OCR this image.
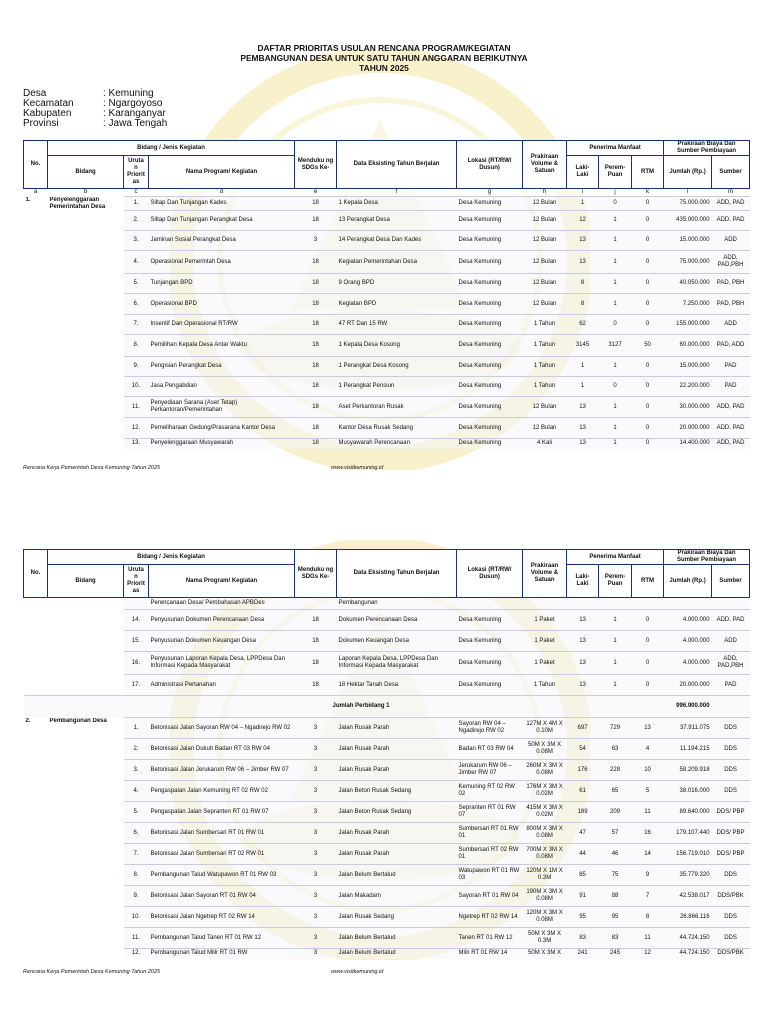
DAFTAR PRIORITAS USULAN RENCANA PROGRAM/KEGIATAN
PEMBANGUNAN DESA UNTUK SATU TAHUN ANGGARAN BERIKUTNYA
TAHUN 2025
Desa	: Kemuning
Kecamatan	: Ngargoyoso
Kabupaten	: Karanganyar
Provinsi	: Jawa Tengah
No.	Bidang / Jenis Kegiatan			Menduku ng SDGs Ke-	Data Eksisting Tahun Berjalan	Lokasi (RT/RW/ Dusun)	Prakiraan Volume & Satuan	Penerima Manfaat			Prakiraan Biaya Dan Sumber Pembiayaan	
	Bidang	Uruta n Priorit as	Nama Program/ Kegiatan					Laki- Laki	Perem- Puan	RTM	Jumlah (Rp.)	Sumber
a	b	c	d	e	f	g	h	i	j	k	l	m
1.	Penyelenggaraan Pemerintahan Desa	1.	Siltap Dan Tunjangan Kades	18	1 Kepala Desa	Desa Kemuning	12 Bulan	1	0	0	75.000.000	ADD, PAD
		2.	Siltap Dan Tunjangan Perangkat Desa	18	13 Perangkat Desa	Desa Kemuning	12 Bulan	12	1	0	435.000.000	ADD, PAD
		3.	Jaminan Sosial Perangkat Desa	3	14 Perangkat Desa Dan Kades	Desa Kemuning	12 Bulan	13	1	0	15.000.000	ADD
		4.	Operasional Pemerintah Desa	18	Kegiatan Pemerintahan Desa	Desa Kemuning	12 Bulan	13	1	0	75.000.000	ADD, PAD,PBH
		5.	Tunjangan BPD	18	9 Orang BPD	Desa Kemuning	12 Bulan	8	1	0	40.050.000	PAD, PBH
		6.	Operasional BPD	18	Kegiatan BPD	Desa Kemuning	12 Bulan	8	1	0	7.250.000	PAD, PBH
		7.	Insentif Dan Operasional RT/RW	18	47 RT Dan 15 RW	Desa Kemuning	1 Tahun	62	0	0	155.000.000	ADD
		8.	Pemilihan Kepala Desa Antar Waktu	18	1 Kepala Desa Kosong	Desa Kemuning	1 Tahun	3145	3127	50	60.000.000	PAD, ADD
		9.	Pengisian Perangkat Desa	18	1 Perangkat Desa Kosong	Desa Kemuning	1 Tahun	1	1	0	15.000.000	PAD
		10.	Jasa Pengabdian	18	1 Perangkat Pensiun	Desa Kemuning	1 Tahun	1	0	0	22.200.000	PAD
		11.	Penyediaan Sarana (Aset Tetap) Perkantoran/Pemerintahan	18	Aset Perkantoran Rusak	Desa Kemuning	12 Bulan	13	1	0	30.000.000	ADD, PAD
		12.	Pemeliharaan Gedung/Prasarana Kantor Desa	18	Kantor Desa Rusak Sedang	Desa Kemuning	12 Bulan	13	1	0	20.000.000	ADD, PAD
		13.	Penyelenggaraan Musyawarah	18	Musyawarah Perencanaan	Desa Kemuning	4 Kali	13	1	0	14.400.000	ADD, PAD
Rencana Kerja Pemerintah Desa Kemuning Tahun 2025	www.visitkemuning.id
No.	Bidang / Jenis Kegiatan			Menduku ng SDGs Ke-	Data Eksisting Tahun Berjalan	Lokasi (RT/RW/ Dusun)	Prakiraan Volume & Satuan	Penerima Manfaat			Prakiraan Biaya Dan Sumber Pembiayaan	
	Bidang	Uruta n Priorit as	Nama Program/ Kegiatan					Laki- Laki	Perem- Puan	RTM	Jumlah (Rp.)	Sumber
			Perencanaan Desa/ Pembahasan APBDes		Pembangunan							
		14.	Penyusunan Dokumen Perencanaan Desa	18	Dokumen Perencanaan Desa	Desa Kemuning	1 Paket	13	1	0	4.000.000	ADD, PAD
		15.	Penyusunan Dokumen Keuangan Desa	18	Dokumen Keuangan Desa	Desa Kemuning	1 Paket	13	1	0	4.000.000	ADD
		16.	Penyusunan Laporan Kepala Desa, LPPDesa Dan Informasi Kepada Masyarakat	18	Laporan Kepala Desa, LPPDesa Dan Informasi Kepada Masyarakat	Desa Kemuning	1 Paket	13	1	0	4.000.000	ADD, PAD,PBH
		17.	Administrasi Pertanahan	18	18 Hektar Tanah Desa	Desa Kemuning	1 Tahun	13	1	0	20.000.000	PAD
		Jumlah Perbidang 1									996.900.000	
2.	Pembangunan Desa	1.	Betonisasi Jalan Sayoran RW 04 – Ngadirejo RW 02	3	Jalan Rusak Parah	Sayoran RW 04 – Ngadirejo RW 02	127M X 4M X 0.10M	697	729	13	37.911.075	DDS
		2.	Betonisasi Jalan Dukuh Badan RT 03 RW 04	3	Jalan Rusak Parah	Badan RT 03 RW 04	50M X 3M X 0.08M	54	63	4	11.194.215	DDS
		3.	Betonisasi Jalan Jerukarum RW 06 – Jimber RW 07	3	Jalan Rusak Parah	Jerukarum RW 06 – Jimber RW 07	260M X 3M X 0.08M	176	228	10	58.209.918	DDS
		4.	Pengaspalan Jalan Kemuning RT 02 RW 02	3	Jalan Beton Rusak Sedang	Kemuning RT 02 RW 02	176M X 3M X 0.02M	61	65	5	38.016.000	DDS
		5.	Pengaspalan Jalan Sepranten RT 01 RW 07	3	Jalan Beton Rusak Sedang	Sepranten RT 01 RW 07	415M X 3M X 0.02M	189	209	11	89.640.000	DDS/ PBP
		6.	Betonisasi Jalan Sumbersari RT 01 RW 01	3	Jalan Rusak Parah	Sumbersari RT 01 RW 01	800M X 3M X 0.08M	47	57	16	179.107.440	DDS/ PBP
		7.	Betonisasi Jalan Sumbersari RT 02 RW 01	3	Jalan Rusak Parah	Sumbersari RT 02 RW 01	700M X 3M X 0.08M	44	46	14	156.719.010	DDS/ PBP
		8.	Pembangunan Talud Watupawon RT 01 RW 03	3	Jalan Belum Bertalud	Watupawon RT 01 RW 03	120M X 1M X 0.3M	85	75	9	35.779.320	DDS
		9.	Betonisasi Jalan Sayoran RT 01 RW 04	3	Jalan Makadam	Sayoran RT 01 RW 04	190M X 3M X 0.08M	91	88	7	42.538.017	DDS/PBK
		10.	Betonisasi Jalan Ngetrep RT 02 RW 14	3	Jalan Rusak Sedang	Ngetrep RT 02 RW 14	120M X 3M X 0.08M	95	95	8	26.866.116	DDS
		11.	Pembangunan Talud Tanen RT 01 RW 12	3	Jalan Belum Bertalud	Tanen RT 01 RW 12	50M X 3M X 0.3M	83	83	11	44.724.150	DDS
		12.	Pembangunan Talud Mlilr RT 01 RW	3	Jalan Belum Bertalud	Mlilr RT 01 RW 14	50M X 3M X	241	245	12	44.724.150	DDS/PBK
Rencana Kerja Pemerintah Desa Kemuning Tahun 2025	www.visitkemuning.id
